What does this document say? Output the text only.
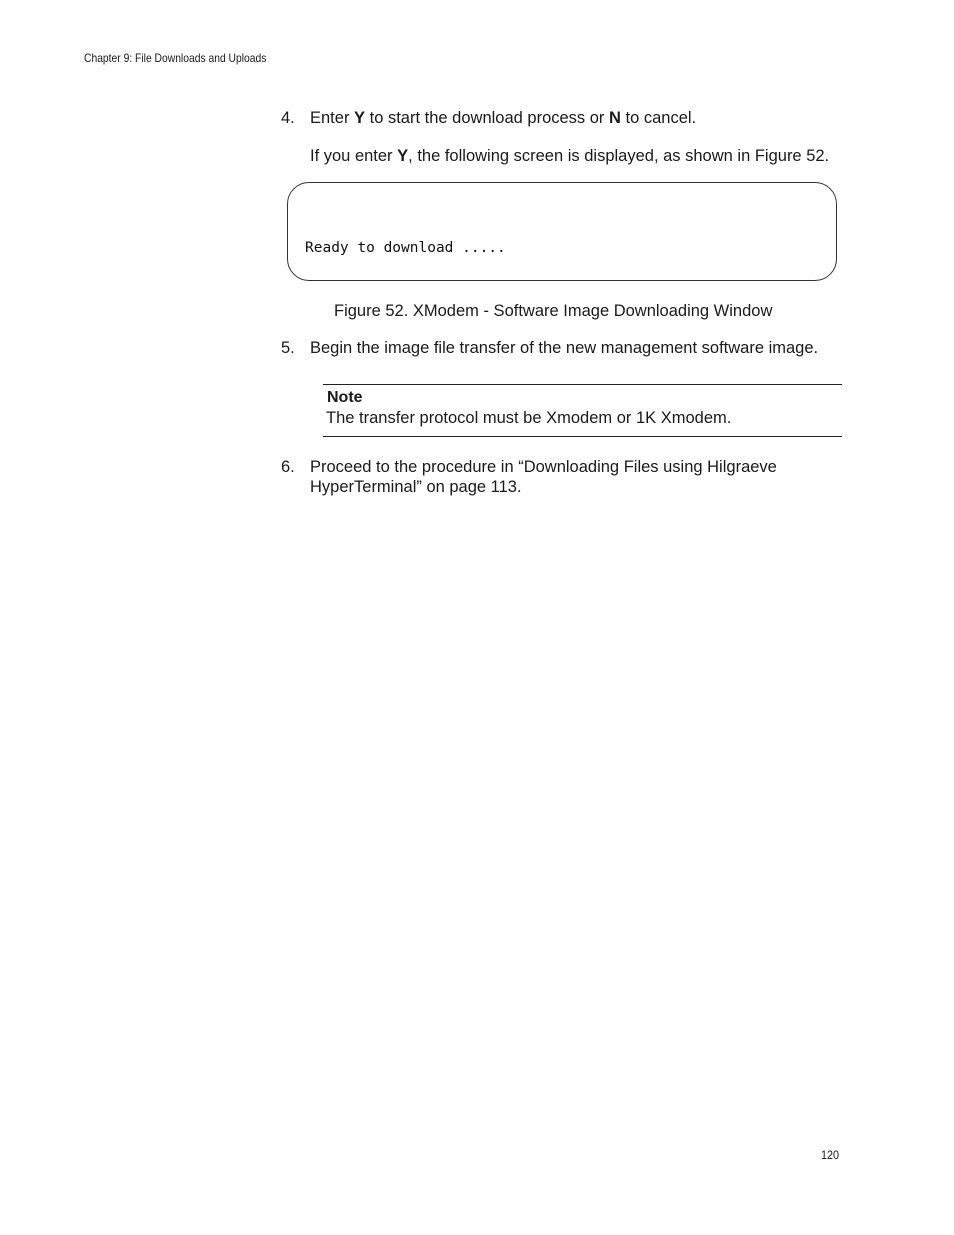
Chapter 9: File Downloads and Uploads
4. Enter Y to start the download process or N to cancel.
If you enter Y, the following screen is displayed, as shown in Figure 52.
Ready to download .....
Figure 52. XModem - Software Image Downloading Window
5. Begin the image file transfer of the new management software image.
Note
The transfer protocol must be Xmodem or 1K Xmodem.
6. Proceed to the procedure in “Downloading Files using Hilgraeve
HyperTerminal” on page 113.
120
